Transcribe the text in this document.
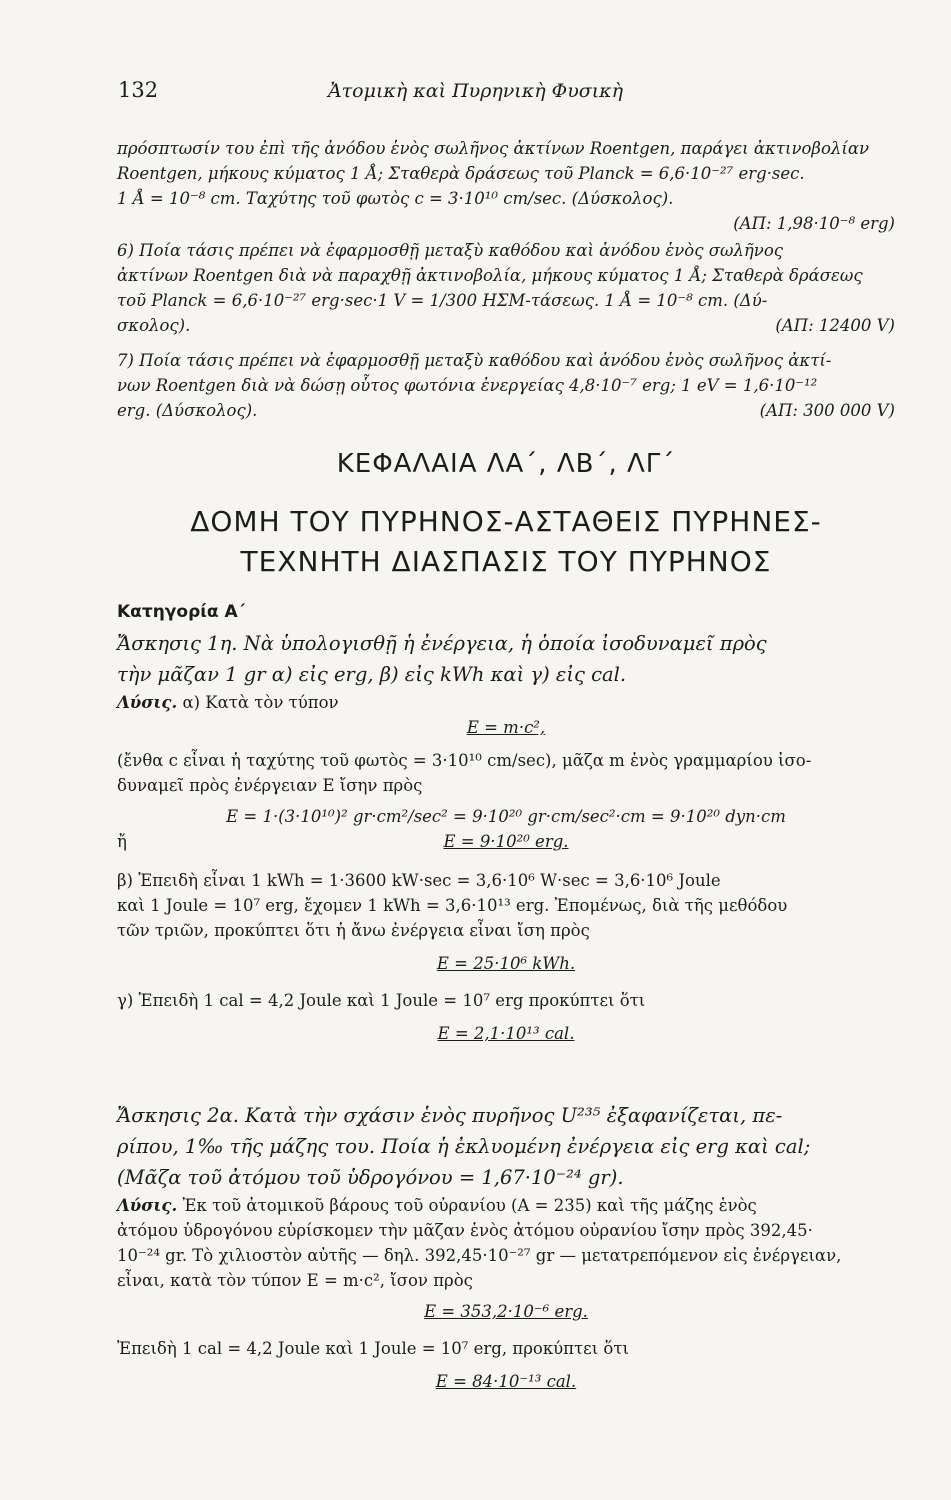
132	Ἀτομικὴ καὶ Πυρηνικὴ Φυσικὴ
πρόσπτωσίν του ἐπὶ τῆς ἀνόδου ἑνὸς σωλῆνος ἀκτίνων Roentgen, παράγει ἀκτινοβολίαν
Roentgen, μήκους κύματος 1 Å; Σταθερὰ δράσεως τοῦ Planck = 6,6·10⁻²⁷ erg·sec.
1 Å = 10⁻⁸ cm. Ταχύτης τοῦ φωτὸς c = 3·10¹⁰ cm/sec. (Δύσκολος).
(ΑΠ: 1,98·10⁻⁸ erg)
6) Ποία τάσις πρέπει νὰ ἐφαρμοσθῇ μεταξὺ καθόδου καὶ ἀνόδου ἑνὸς σωλῆνος
ἀκτίνων Roentgen διὰ νὰ παραχθῇ ἀκτινοβολία, μήκους κύματος 1 Å; Σταθερὰ δράσεως
τοῦ Planck = 6,6·10⁻²⁷ erg·sec·1 V = 1/300 ΗΣΜ-τάσεως. 1 Å = 10⁻⁸ cm. (Δύ-
σκολος).	(ΑΠ: 12400 V)
7) Ποία τάσις πρέπει νὰ ἐφαρμοσθῇ μεταξὺ καθόδου καὶ ἀνόδου ἑνὸς σωλῆνος ἀκτί-
νων Roentgen διὰ νὰ δώσῃ οὗτος φωτόνια ἐνεργείας 4,8·10⁻⁷ erg; 1 eV = 1,6·10⁻¹²
erg. (Δύσκολος).	(ΑΠ: 300 000 V)
ΚΕΦΑΛΑΙΑ ΛΑ΄, ΛΒ΄, ΛΓ΄
ΔΟΜΗ ΤΟΥ ΠΥΡΗΝΟΣ-ΑΣΤΑΘΕΙΣ ΠΥΡΗΝΕΣ-
ΤΕΧΝΗΤΗ ΔΙΑΣΠΑΣΙΣ ΤΟΥ ΠΥΡΗΝΟΣ
Κατηγορία Α΄
Ἄσκησις 1η. Νὰ ὑπολογισθῇ ἡ ἐνέργεια, ἡ ὁποία ἰσοδυναμεῖ πρὸς
τὴν μᾶζαν 1 gr α) εἰς erg, β) εἰς kWh καὶ γ) εἰς cal.
Λύσις. α) Κατὰ τὸν τύπον
E = m·c²,
(ἔνθα c εἶναι ἡ ταχύτης τοῦ φωτὸς = 3·10¹⁰ cm/sec), μᾶζα m ἑνὸς γραμμαρίου ἰσο-
δυναμεῖ πρὸς ἐνέργειαν E ἴσην πρὸς
E = 1·(3·10¹⁰)² gr·cm²/sec² = 9·10²⁰ gr·cm/sec²·cm = 9·10²⁰ dyn·cm
ἤ	E = 9·10²⁰ erg.
β) Ἐπειδὴ εἶναι 1 kWh = 1·3600 kW·sec = 3,6·10⁶ W·sec = 3,6·10⁶ Joule
καὶ 1 Joule = 10⁷ erg, ἔχομεν 1 kWh = 3,6·10¹³ erg. Ἐπομένως, διὰ τῆς μεθόδου
τῶν τριῶν, προκύπτει ὅτι ἡ ἄνω ἐνέργεια εἶναι ἴση πρὸς
E = 25·10⁶ kWh.
γ) Ἐπειδὴ 1 cal = 4,2 Joule καὶ 1 Joule = 10⁷ erg προκύπτει ὅτι
E = 2,1·10¹³ cal.
Ἄσκησις 2α. Κατὰ τὴν σχάσιν ἑνὸς πυρῆνος U²³⁵ ἐξαφανίζεται, πε-
ρίπου, 1‰ τῆς μάζης του. Ποία ἡ ἐκλυομένη ἐνέργεια εἰς erg καὶ cal;
(Μᾶζα τοῦ ἀτόμου τοῦ ὑδρογόνου = 1,67·10⁻²⁴ gr).
Λύσις. Ἐκ τοῦ ἀτομικοῦ βάρους τοῦ οὐρανίου (A = 235) καὶ τῆς μάζης ἑνὸς
ἀτόμου ὑδρογόνου εὑρίσκομεν τὴν μᾶζαν ἑνὸς ἀτόμου οὐρανίου ἴσην πρὸς 392,45·
10⁻²⁴ gr. Τὸ χιλιοστὸν αὐτῆς — δηλ. 392,45·10⁻²⁷ gr — μετατρεπόμενον εἰς ἐνέργειαν,
εἶναι, κατὰ τὸν τύπον E = m·c², ἴσον πρὸς
E = 353,2·10⁻⁶ erg.
Ἐπειδὴ 1 cal = 4,2 Joule καὶ 1 Joule = 10⁷ erg, προκύπτει ὅτι
E = 84·10⁻¹³ cal.
